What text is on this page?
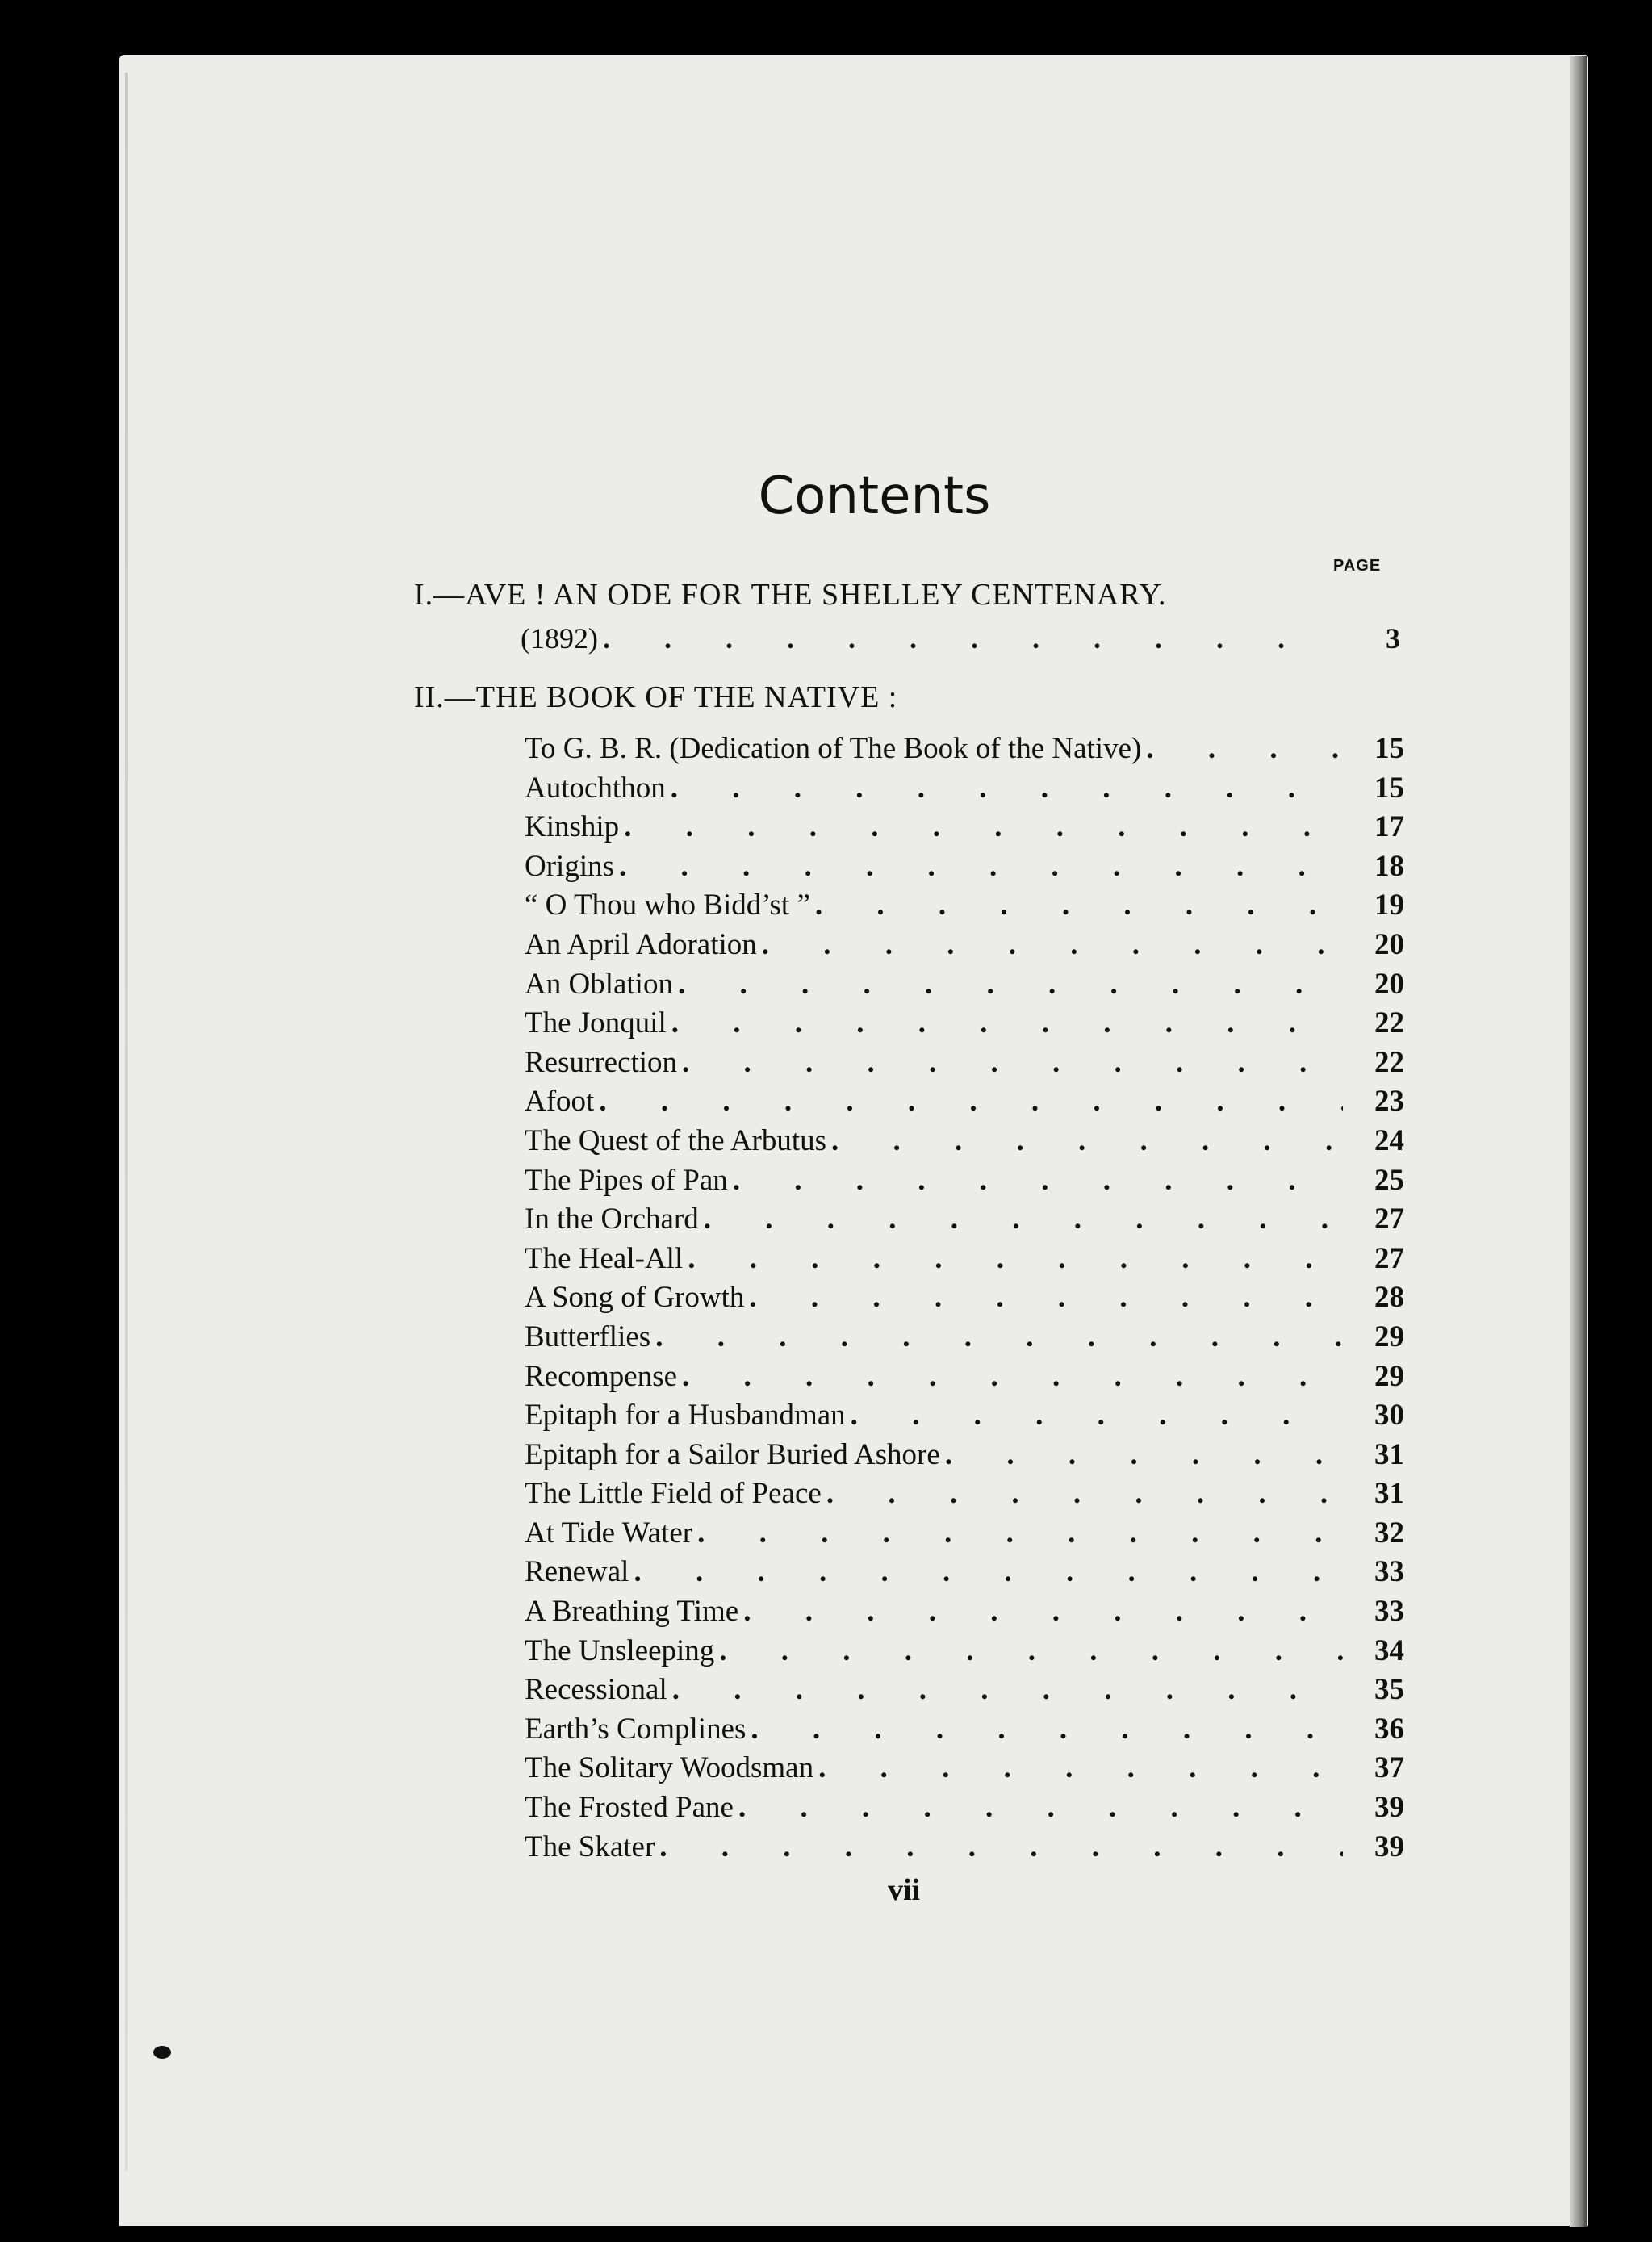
Contents
PAGE
I.—AVE ! AN ODE FOR THE SHELLEY CENTENARY.
(1892) . . .	3
II.—THE BOOK OF THE NATIVE :
To G. B. R. (Dedication of The Book of the Native) . . .	15
Autochthon . . .	15
Kinship . . .	17
Origins . . .	18
“ O Thou who Bidd’st ” . . .	19
An April Adoration . . .	20
An Oblation . . .	20
The Jonquil . . .	22
Resurrection . . .	22
Afoot . . .	23
The Quest of the Arbutus . . .	24
The Pipes of Pan . . .	25
In the Orchard . . .	27
The Heal-All . . .	27
A Song of Growth . . .	28
Butterflies . . .	29
Recompense . . .	29
Epitaph for a Husbandman . . .	30
Epitaph for a Sailor Buried Ashore . . .	31
The Little Field of Peace . . .	31
At Tide Water . . .	32
Renewal . . .	33
A Breathing Time . . .	33
The Unsleeping . . .	34
Recessional . . .	35
Earth’s Complines . . .	36
The Solitary Woodsman . . .	37
The Frosted Pane . . .	39
The Skater . . .	39
vii
